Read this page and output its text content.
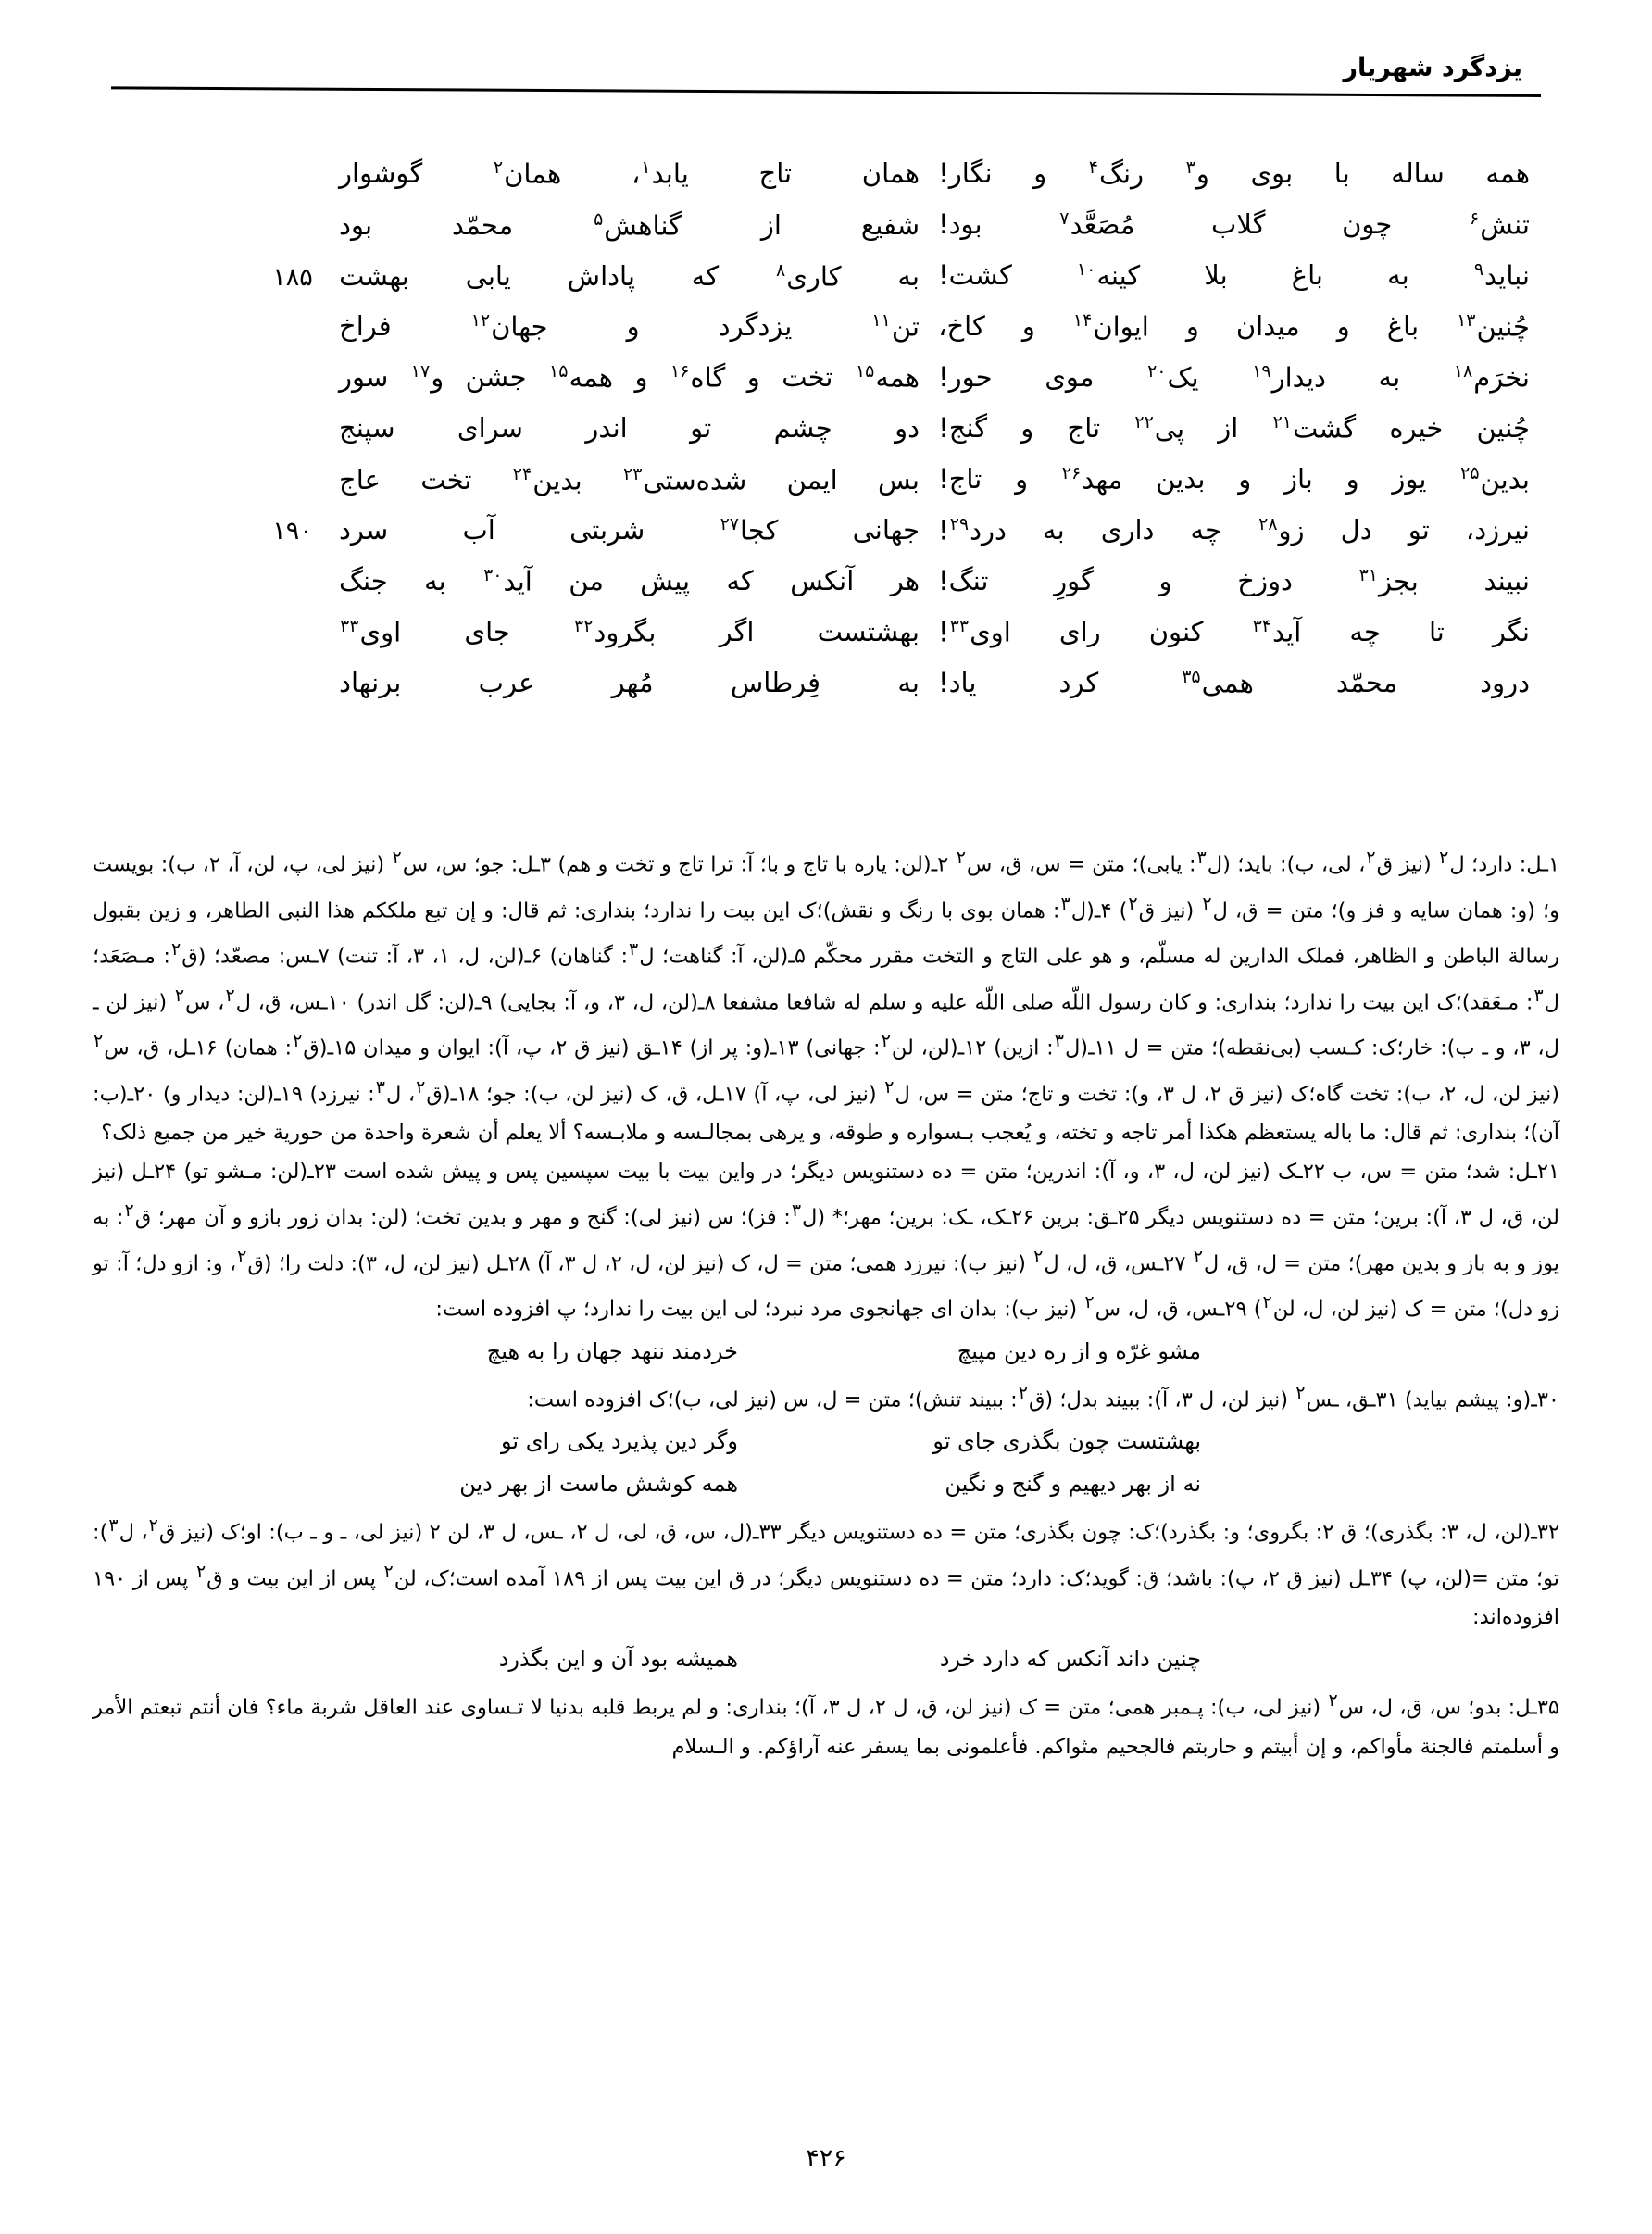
یزدگرد شهریار
همه
ساله
با
بوی
و$^۳$
رنگ$^۴$
و
نگار!
همان
تاج
یابد$^۱$،
همان$^۲$
گوشوار
تنش$^۶$
چون
گلاب
مُصَعَّد$^۷$
بود!
شفیع
از
گناهش$^۵$
محمّد
بود
نباید$^۹$
به
باغ
بلا
کینه$^{۱۰}$
کشت!
به
کاری$^۸$
که
پاداش
یابی
بهشت
۱۸۵
چُنین$^{۱۳}$
باغ
و
میدان
و
ایوان$^{۱۴}$
و
کاخ،
تن$^{۱۱}$
یزدگرد
و
جهان$^{۱۲}$
فراخ
نخرَم$^{۱۸}$
به
دیدار$^{۱۹}$
یک$^{۲۰}$
موی
حور!
همه$^{۱۵}$
تخت
و
گاه$^{۱۶}$
و
همه$^{۱۵}$
جشن
و$^{۱۷}$
سور
چُنین
خیره
گشت$^{۲۱}$
از
پی$^{۲۲}$
تاج
و
گنج!
دو
چشم
تو
اندر
سرای
سپنج
بدین$^{۲۵}$
یوز
و
باز
و
بدین
مهد$^{۲۶}$
و
تاج!
بس
ایمن
شده‌ستی$^{۲۳}$
بدین$^{۲۴}$
تخت
عاج
نیرزد،
تو
دل
زو$^{۲۸}$
چه
داری
به
درد$^{۲۹}$!
جهانی
کجا$^{۲۷}$
شربتی
آب
سرد
۱۹۰
نبیند
بجز$^{۳۱}$
دوزخ
و
گورِ
تنگ!
هر
آنکس
که
پیش
من
آید$^{۳۰}$
به
جنگ
نگر
تا
چه
آید$^{۳۴}$
کنون
رای
اوی$^{۳۳}$!
بهشتست
اگر
بگرود$^{۳۲}$
جای
اوی$^{۳۳}$
درود
محمّد
همی$^{۳۵}$
کرد
یاد!
به
فِرطاس
مُهر
عرب
برنهاد
۱ـل: دارد؛ ل$^۲$ (نیز ق$^۲$، لی، ب): باید؛ (ل$^۳$: یابی)؛ متن = س، ق، س$^۲$ ۲ـ(لن: یاره با تاج و با؛ آ: ترا تاج و تخت و هم) ۳ـل: جو؛ س، س$^۲$ (نیز لی، پ، لن، آ، ۲، ب): بویست و؛ (و: همان سایه و فز و)؛ متن = ق، ل$^۲$ (نیز ق$^۲$) ۴ـ(ل$^۳$: همان بوی با رنگ و نقش)؛ک این بیت را ندارد؛ بنداری: ثم قال: و إن تبع ملککم هذا النبی الطاهر، و زین بقبول رسالة الباطن و الظاهر، فملک الدارین له مسلّم، و هو علی التاج و التخت مقرر محکّم ۵ـ(لن، آ: گناهت؛ ل$^۳$: گناهان) ۶ـ(لن، ل، ۱، ۳، آ: تنت) ۷ـس: مصعّد؛ (ق$^۲$: مـصَعَد؛ ل$^۳$: مـعَقد)؛ک این بیت را ندارد؛ بنداری: و کان رسول اللّه صلی اللّه علیه و سلم له شافعا مشفعا ۸ـ(لن، ل، ۳، و، آ: بجایی) ۹ـ(لن: گل اندر) ۱۰ـس، ق، ل$^۲$، س$^۲$ (نیز لن ـ ل، ۳، و ـ ب): خار؛ک: کـسب (بی‌نقطه)؛ متن = ل ۱۱ـ(ل$^۳$: ازین) ۱۲ـ(لن، لن$^۲$: جهانی) ۱۳ـ(و: پر از) ۱۴ـق (نیز ق ۲، پ، آ): ایوان و میدان ۱۵ـ(ق$^۲$: همان) ۱۶ـل، ق، س$^۲$ (نیز لن، ل، ۲، ب): تخت گاه؛ک (نیز ق ۲، ل ۳، و): تخت و تاج؛ متن = س، ل$^۲$ (نیز لی، پ، آ) ۱۷ـل، ق، ک (نیز لن، ب): جو؛ ۱۸ـ(ق$^۲$، ل$^۳$: نیرزد) ۱۹ـ(لن: دیدار و) ۲۰ـ(ب: آن)؛ بنداری: ثم قال: ما باله یستعظم هکذا أمر تاجه و تخته، و یُعجب بـسواره و طوقه، و یرهی بمجالـسه و ملابـسه؟ ألا یعلم أن شعرة واحدة من حوریة خیر من جمیع ذلک؟
۲۱ـل: شد؛ متن = س، ب ۲۲ـک (نیز لن، ل، ۳، و، آ): اندرین؛ متن = ده دستنویس دیگر؛ در واین بیت با بیت سپسین پس و پیش شده است ۲۳ـ(لن: مـشو تو) ۲۴ـل (نیز لن، ق، ل ۳، آ): برین؛ متن = ده دستنویس دیگر ۲۵ـق: برین ۲۶ـک، ـک: برین؛ مهر؛* (ل$^۳$: فز)؛ س (نیز لی): گنج و مهر و بدین تخت؛ (لن: بدان زور بازو و آن مهر؛ ق$^۲$: به یوز و به باز و بدین مهر)؛ متن = ل، ق، ل$^۲$ ۲۷ـس، ق، ل، ل$^۲$ (نیز ب): نیرزد همی؛ متن = ل، ک (نیز لن، ل، ۲، ل ۳، آ) ۲۸ـل (نیز لن، ل، ۳): دلت را؛ (ق$^۲$، و: ازو دل؛ آ: تو زو دل)؛ متن = ک (نیز لن، ل، لن$^۲$) ۲۹ـس، ق، ل، س$^۲$ (نیز ب): بدان ای جهانجوی مرد نبرد؛ لی این بیت را ندارد؛ پ افزوده است:
مشو غرّه و از ره دین مپیچ
خردمند ننهد جهان را به هیچ
۳۰ـ(و: پیشم بیاید) ۳۱ـق، ـس$^۲$ (نیز لن، ل ۳، آ): ببیند بدل؛ (ق$^۲$: ببیند تنش)؛ متن = ل، س (نیز لی، ب)؛ک افزوده است:
بهشتست چون بگذری جای تو
وگر دین پذیرد یکی رای تو
نه از بهر دیهیم و گنج و نگین
همه کوشش ماست از بهر دین
۳۲ـ(لن، ل، ۳: بگذری)؛ ق ۲: بگروی؛ و: بگذرد)؛ک: چون بگذری؛ متن = ده دستنویس دیگر ۳۳ـ(ل، س، ق، لی، ل ۲، ـس، ل ۳، لن ۲ (نیز لی، ـ و ـ ب): او؛ک (نیز ق$^۲$، ل$^۳$): تو؛ متن =(لن، پ) ۳۴ـل (نیز ق ۲، پ): باشد؛ ق: گوید؛ک: دارد؛ متن = ده دستنویس دیگر؛ در ق این بیت پس از ۱۸۹ آمده است؛ک، لن$^۲$ پس از این بیت و ق$^۲$ پس از ۱۹۰ افزوده‌اند:
چنین داند آنکس که دارد خرد
همیشه بود آن و این بگذرد
۳۵ـل: بدو؛ س، ق، ل، س$^۲$ (نیز لی، ب): پـمبر همی؛ متن = ک (نیز لن، ق، ل ۲، ل ۳، آ)؛ بنداری: و لم یربط قلبه بدنیا لا تـساوی عند العاقل شربة ماء؟ فان أنتم تبعتم الأمر و أسلمتم فالجنة مأواکم، و إن أبیتم و حاربتم فالجحیم مثواکم. فأعلمونی بما یسفر عنه آراؤکم. و الـسلام
۴۲۶
